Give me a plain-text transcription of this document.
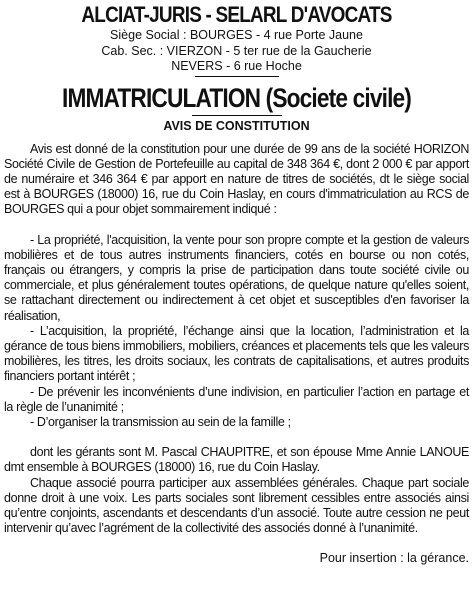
ALCIAT-JURIS - SELARL D'AVOCATS

Siège Social : BOURGES - 4 rue Porte Jaune

Cab. Sec. : VIERZON - 5 ter rue de la Gaucherie

NEVERS - 6 rue Hoche

IMMATRICULATION (Societe civile)
AVIS DE CONSTITUTION

Avis est donné de la constitution pour une durée de 99 ans de la société HORIZON Société Civile de Gestion de Portefeuille au capital de 348 364 €, dont 2 000 € par apport de numéraire et 346 364 € par apport en nature de titres de sociétés, dt le siège social est à BOURGES (18000) 16, rue du Coin Haslay, en cours d'immatriculation au RCS de BOURGES qui a pour objet sommairement indiqué :

- La propriété, l'acquisition, la vente pour son propre compte et la gestion de valeurs mobilières et de tous autres instruments financiers, cotés en bourse ou non cotés, français ou étrangers, y compris la prise de participation dans toute société civile ou commerciale, et plus généralement toutes opérations, de quelque nature qu'elles soient, se rattachant directement ou indirectement à cet objet et susceptibles d'en favoriser la réalisation,

- L’acquisition, la propriété, l’échange ainsi que la location, l’administration et la gérance de tous biens immobiliers, mobiliers, créances et placements tels que les valeurs mobilières, les titres, les droits sociaux, les contrats de capitalisations, et autres produits financiers portant intérêt ;

- De prévenir les inconvénients d’une indivision, en particulier l’action en partage et la règle de l’unanimité ;

- D’organiser la transmission au sein de la famille ;

dont les gérants sont M. Pascal CHAUPITRE, et son épouse Mme Annie LANOUE dmt ensemble à BOURGES (18000) 16, rue du Coin Haslay.

Chaque associé pourra participer aux assemblées générales. Chaque part sociale donne droit à une voix. Les parts sociales sont librement cessibles entre associés ainsi qu’entre conjoints, ascendants et descendants d’un associé. Toute autre cession ne peut intervenir qu’avec l’agrément de la collectivité des associés donné à l’unanimité.

Pour insertion : la gérance.
